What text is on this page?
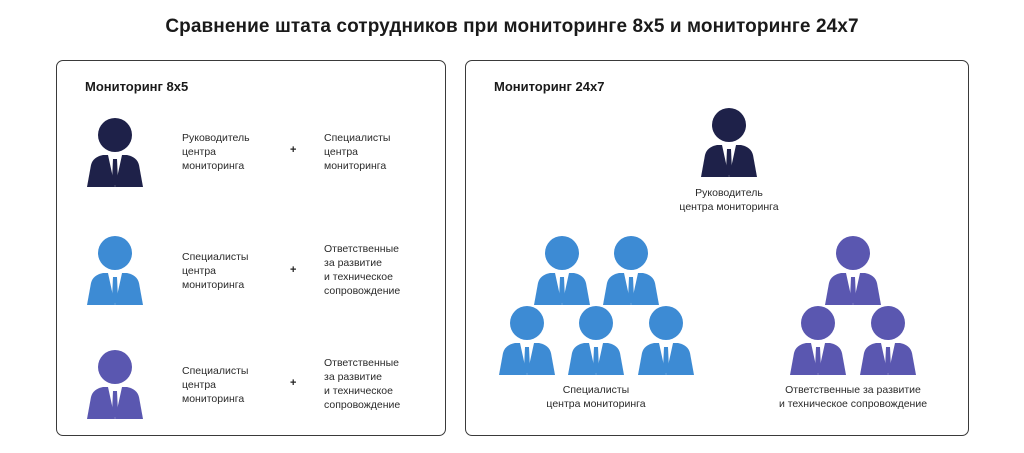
Сравнение штата сотрудников при мониторинге 8х5 и мониторинге 24х7
Мониторинг 8х5
Руководитель
центра
мониторинга
+
Специалисты
центра
мониторинга
Специалисты
центра
мониторинга
+
Ответственные
за развитие
и техническое
сопровождение
Специалисты
центра
мониторинга
+
Ответственные
за развитие
и техническое
сопровождение
Мониторинг 24х7
Руководитель
центра мониторинга
Специалисты
центра мониторинга
Ответственные за развитие
и техническое сопровождение
